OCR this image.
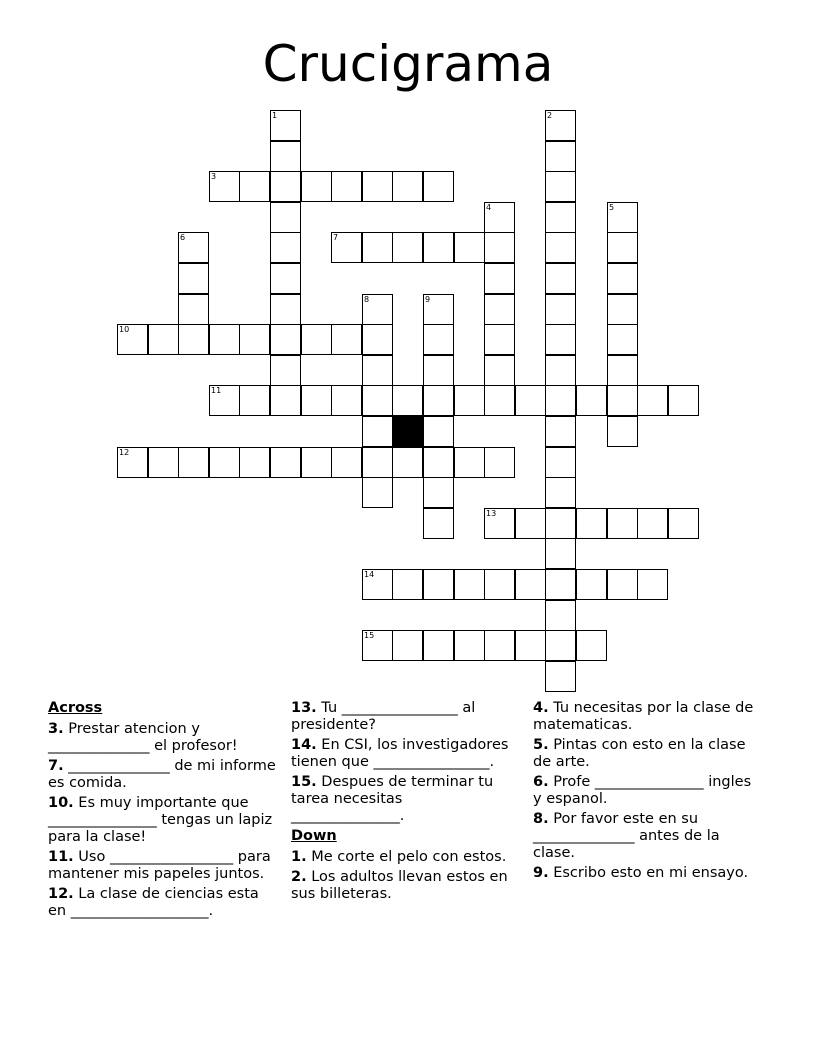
Crucigrama
3
7
10
11
12
13
14
15
1	2
4	5
6
8	9
Across
3. Prestar atencion y ______________ el profesor!
7. ______________ de mi informe es comida.
10. Es muy importante que _______________ tengas un lapiz para la clase!
11. Uso _________________ para mantener mis papeles juntos.
12. La clase de ciencias esta en ___________________.
13. Tu ________________ al presidente?
14. En CSI, los investigadores tienen que ________________.
15. Despues de terminar tu tarea necesitas _______________.
Down
1. Me corte el pelo con estos.
2. Los adultos llevan estos en sus billeteras.
4. Tu necesitas por la clase de matematicas.
5. Pintas con esto en la clase de arte.
6. Profe _______________ ingles y espanol.
8. Por favor este en su ______________ antes de la clase.
9. Escribo esto en mi ensayo.
